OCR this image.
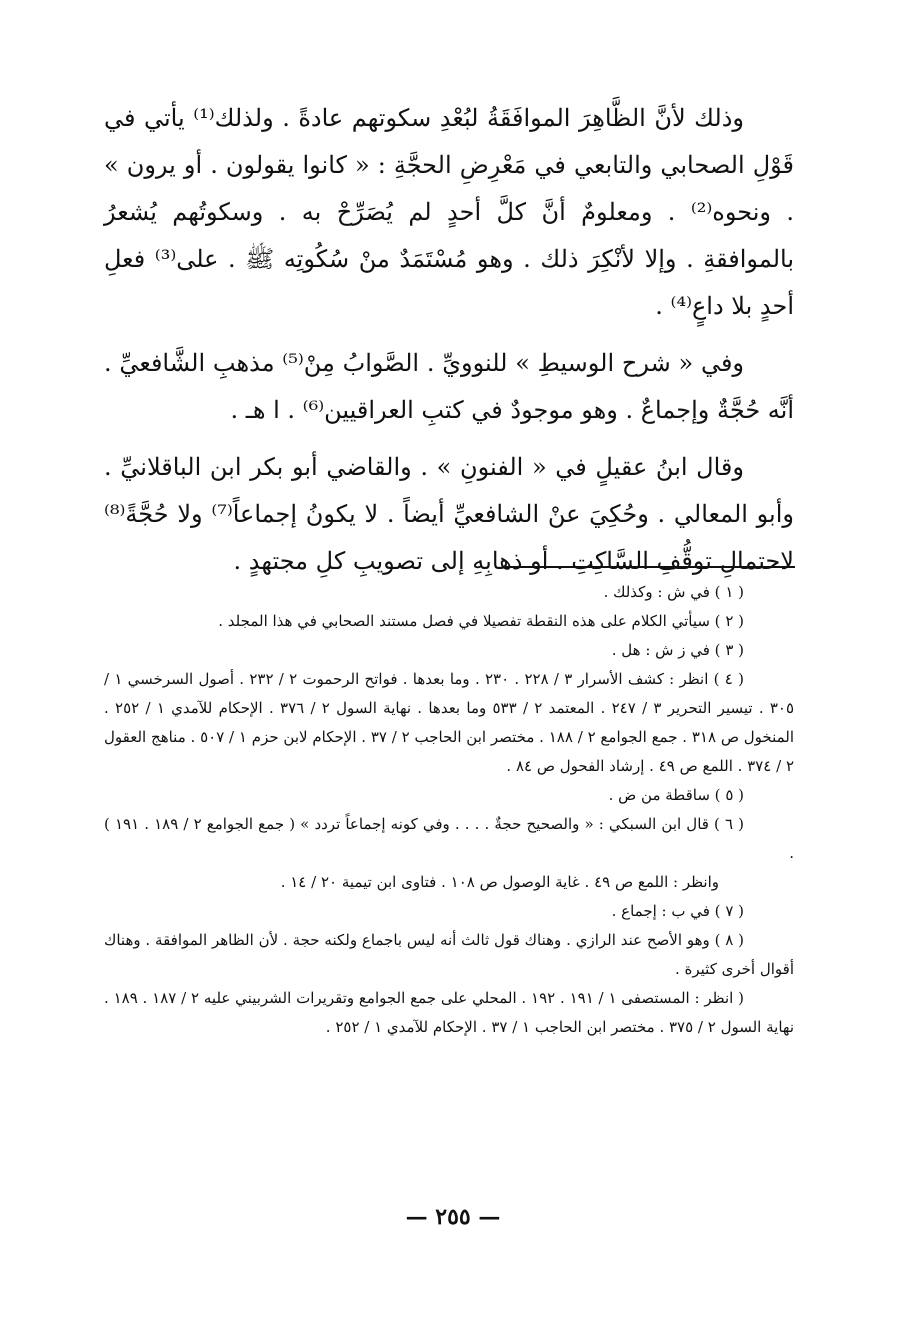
وذلك لأنَّ الظَّاهِرَ الموافَقَةُ لبُعْدِ سكوتهم عادةً . ولذلك⁽¹⁾ يأتي في قَوْلِ الصحابي والتابعي في مَعْرِضِ الحجَّةِ : « كانوا يقولون . أو يرون » . ونحوه⁽²⁾ . ومعلومٌ أنَّ كلَّ أحدٍ لم يُصَرِّحْ به . وسكوتُهم يُشعرُ بالموافقةِ . وإلا لأنْكِرَ ذلك . وهو مُسْتَمَدٌ منْ سُكُوتِه ﷺ . على⁽³⁾ فعلِ أحدٍ بلا داعٍ⁽⁴⁾ .

وفي « شرح الوسيطِ » للنوويِّ . الصَّوابُ مِنْ⁽⁵⁾ مذهبِ الشَّافعيِّ . أنَّه حُجَّةٌ وإجماعٌ . وهو موجودٌ في كتبِ العراقيين⁽⁶⁾ . ا هـ .

وقال ابنُ عقيلٍ في « الفنونِ » . والقاضي أبو بكر ابن الباقلانيِّ . وأبو المعالي . وحُكِيَ عنْ الشافعيِّ أيضاً . لا يكونُ إجماعاً⁽⁷⁾ ولا حُجَّةً⁽⁸⁾ لاحتمالِ توقُّفِ السَّاكِتِ . أو ذهابِهِ إلى تصويبِ كلِ مجتهدٍ .

( ١ ) في ش : وكذلك .

( ٢ ) سيأتي الكلام على هذه النقطة تفصيلا في فصل مستند الصحابي في هذا المجلد .

( ٣ ) في ز ش : هل .

( ٤ ) انظر : كشف الأسرار ٣ / ٢٢٨ . ٢٣٠ . وما بعدها . فواتح الرحموت ٢ / ٢٣٢ . أصول السرخسي ١ / ٣٠٥ . تيسير التحرير ٣ / ٢٤٧ . المعتمد ٢ / ٥٣٣ وما بعدها . نهاية السول ٢ / ٣٧٦ . الإحكام للآمدي ١ / ٢٥٢ . المنخول ص ٣١٨ . جمع الجوامع ٢ / ١٨٨ . مختصر ابن الحاجب ٢ / ٣٧ . الإحكام لابن حزم ١ / ٥٠٧ . مناهج العقول ٢ / ٣٧٤ . اللمع ص ٤٩ . إرشاد الفحول ص ٨٤ .

( ٥ ) ساقطة من ض .

( ٦ ) قال ابن السبكي : « والصحيح حجةٌ . . . . وفي كونه إجماعاً تردد » ( جمع الجوامع ٢ / ١٨٩ . ١٩١ ) .

وانظر : اللمع ص ٤٩ . غاية الوصول ص ١٠٨ . فتاوى ابن تيمية ٢٠ / ١٤ .

( ٧ ) في ب : إجماع .

( ٨ ) وهو الأصح عند الرازي . وهناك قول ثالث أنه ليس باجماع ولكنه حجة . لأن الظاهر الموافقة . وهناك أقوال أخرى كثيرة .

( انظر : المستصفى ١ / ١٩١ . ١٩٢ . المحلي على جمع الجوامع وتقريرات الشربيني عليه ٢ / ١٨٧ . ١٨٩ . نهاية السول ٢ / ٣٧٥ . مختصر ابن الحاجب ١ / ٣٧ . الإحكام للآمدي ١ / ٢٥٢ .

— ٢٥٥ —
